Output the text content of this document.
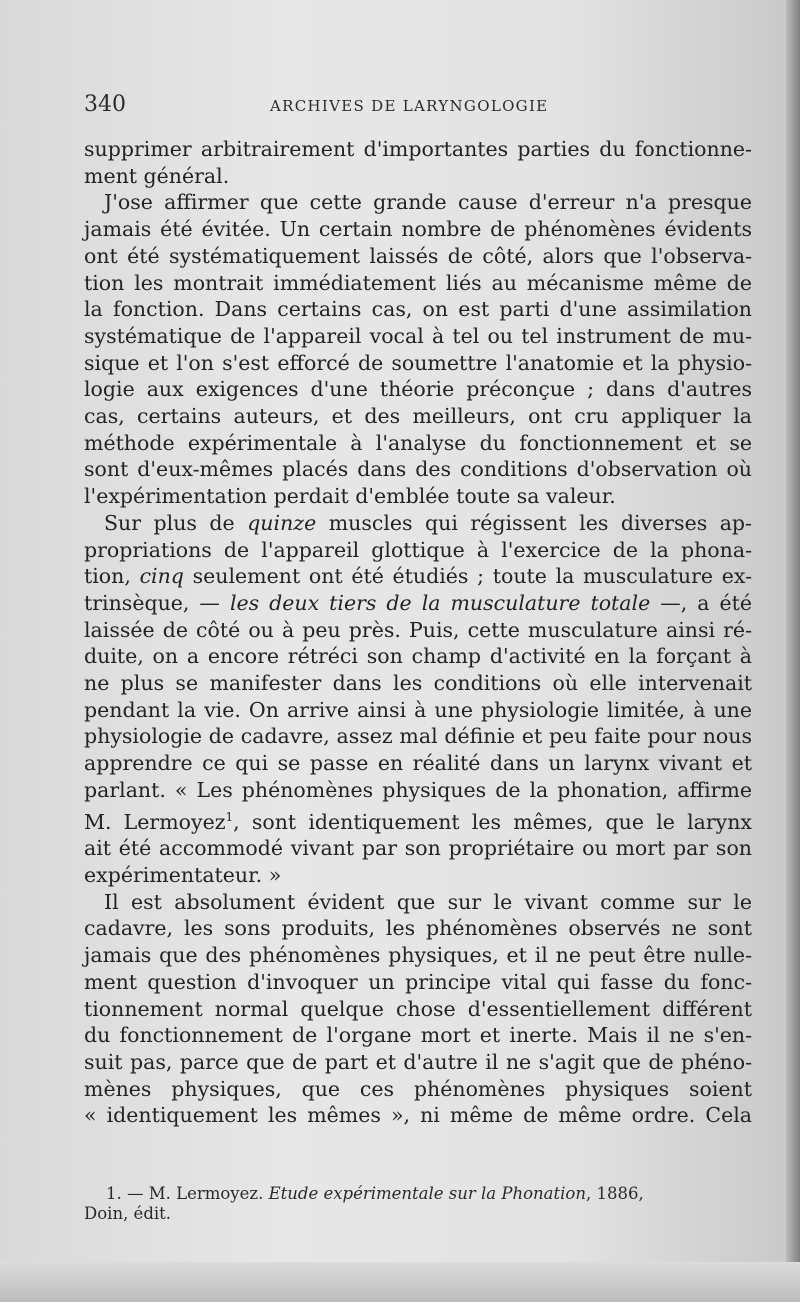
340	ARCHIVES DE LARYNGOLOGIE
supprimer arbitrairement d'importantes parties du fonctionne-
ment général.
J'ose affirmer que cette grande cause d'erreur n'a presque
jamais été évitée. Un certain nombre de phénomènes évidents
ont été systématiquement laissés de côté, alors que l'observa-
tion les montrait immédiatement liés au mécanisme même de
la fonction. Dans certains cas, on est parti d'une assimilation
systématique de l'appareil vocal à tel ou tel instrument de mu-
sique et l'on s'est efforcé de soumettre l'anatomie et la physio-
logie aux exigences d'une théorie préconçue ; dans d'autres
cas, certains auteurs, et des meilleurs, ont cru appliquer la
méthode expérimentale à l'analyse du fonctionnement et se
sont d'eux-mêmes placés dans des conditions d'observation où
l'expérimentation perdait d'emblée toute sa valeur.
Sur plus de quinze muscles qui régissent les diverses ap-
propriations de l'appareil glottique à l'exercice de la phona-
tion, cinq seulement ont été étudiés ; toute la musculature ex-
trinsèque, — les deux tiers de la musculature totale —, a été
laissée de côté ou à peu près. Puis, cette musculature ainsi ré-
duite, on a encore rétréci son champ d'activité en la forçant à
ne plus se manifester dans les conditions où elle intervenait
pendant la vie. On arrive ainsi à une physiologie limitée, à une
physiologie de cadavre, assez mal définie et peu faite pour nous
apprendre ce qui se passe en réalité dans un larynx vivant et
parlant. « Les phénomènes physiques de la phonation, affirme
M. Lermoyez$^1$, sont identiquement les mêmes, que le larynx
ait été accommodé vivant par son propriétaire ou mort par son
expérimentateur. »
Il est absolument évident que sur le vivant comme sur le
cadavre, les sons produits, les phénomènes observés ne sont
jamais que des phénomènes physiques, et il ne peut être nulle-
ment question d'invoquer un principe vital qui fasse du fonc-
tionnement normal quelque chose d'essentiellement différent
du fonctionnement de l'organe mort et inerte. Mais il ne s'en-
suit pas, parce que de part et d'autre il ne s'agit que de phéno-
mènes physiques, que ces phénomènes physiques soient
« identiquement les mêmes », ni même de même ordre. Cela
1. — M. Lermoyez. Etude expérimentale sur la Phonation, 1886,
Doin, édit.
